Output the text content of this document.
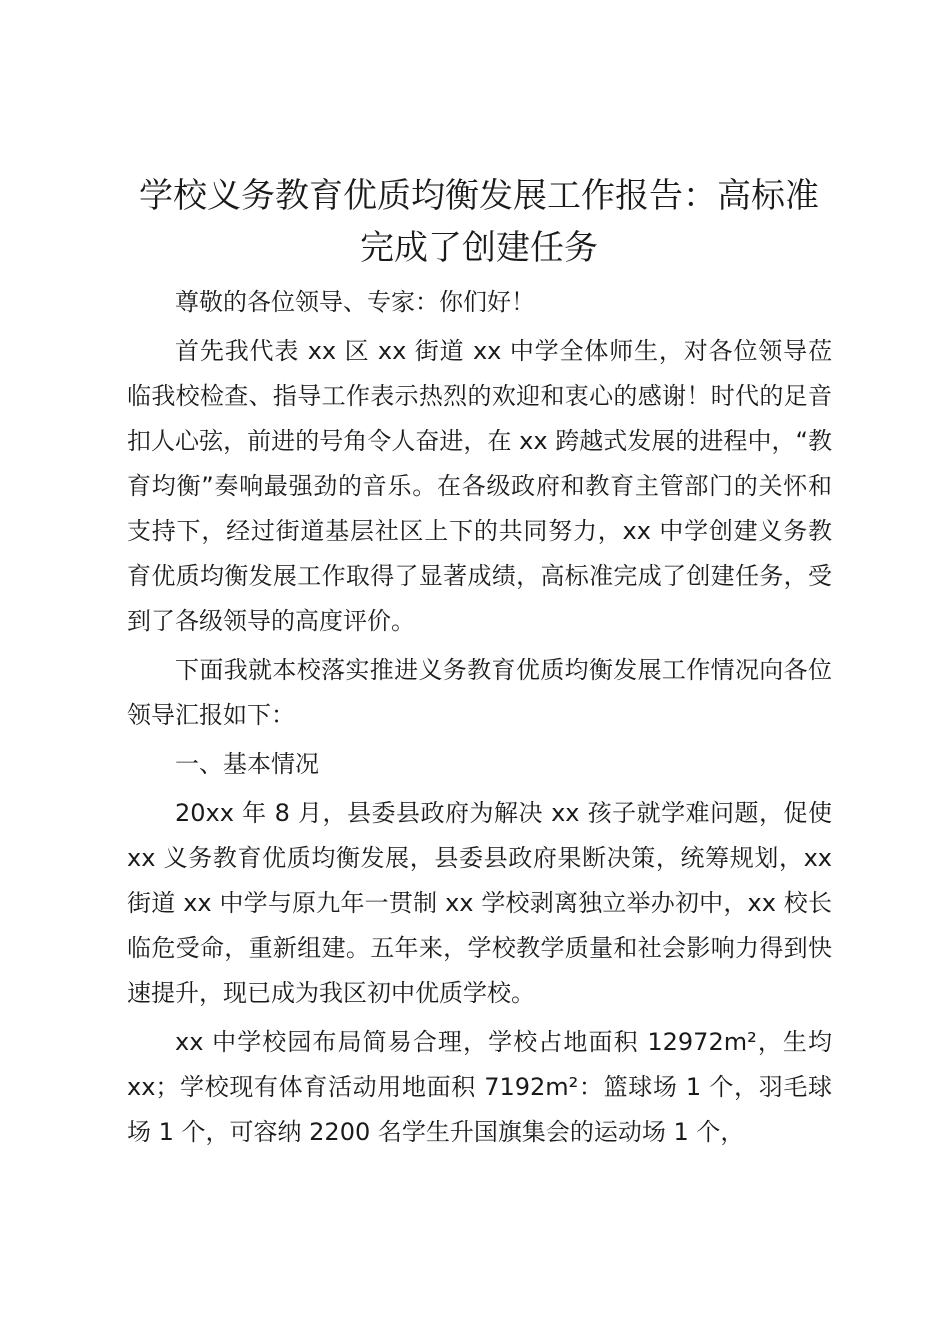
学校义务教育优质均衡发展工作报告：高标准
完成了创建任务

尊敬的各位领导、专家：你们好！

首先我代表 xx 区 xx 街道 xx 中学全体师生，对各位领导莅临我校检查、指导工作表示热烈的欢迎和衷心的感谢！时代的足音扣人心弦，前进的号角令人奋进，在 xx 跨越式发展的进程中，“教育均衡”奏响最强劲的音乐。在各级政府和教育主管部门的关怀和支持下，经过街道基层社区上下的共同努力，xx 中学创建义务教育优质均衡发展工作取得了显著成绩，高标准完成了创建任务，受到了各级领导的高度评价。

下面我就本校落实推进义务教育优质均衡发展工作情况向各位领导汇报如下：

一、基本情况

20xx 年 8 月，县委县政府为解决 xx 孩子就学难问题，促使 xx 义务教育优质均衡发展，县委县政府果断决策，统筹规划，xx 街道 xx 中学与原九年一贯制 xx 学校剥离独立举办初中，xx 校长临危受命，重新组建。五年来，学校教学质量和社会影响力得到快速提升，现已成为我区初中优质学校。

xx 中学校园布局简易合理，学校占地面积 12972m²，生均 xx；学校现有体育活动用地面积 7192m²：篮球场 1 个，羽毛球场 1 个，可容纳 2200 名学生升国旗集会的运动场 1 个，
